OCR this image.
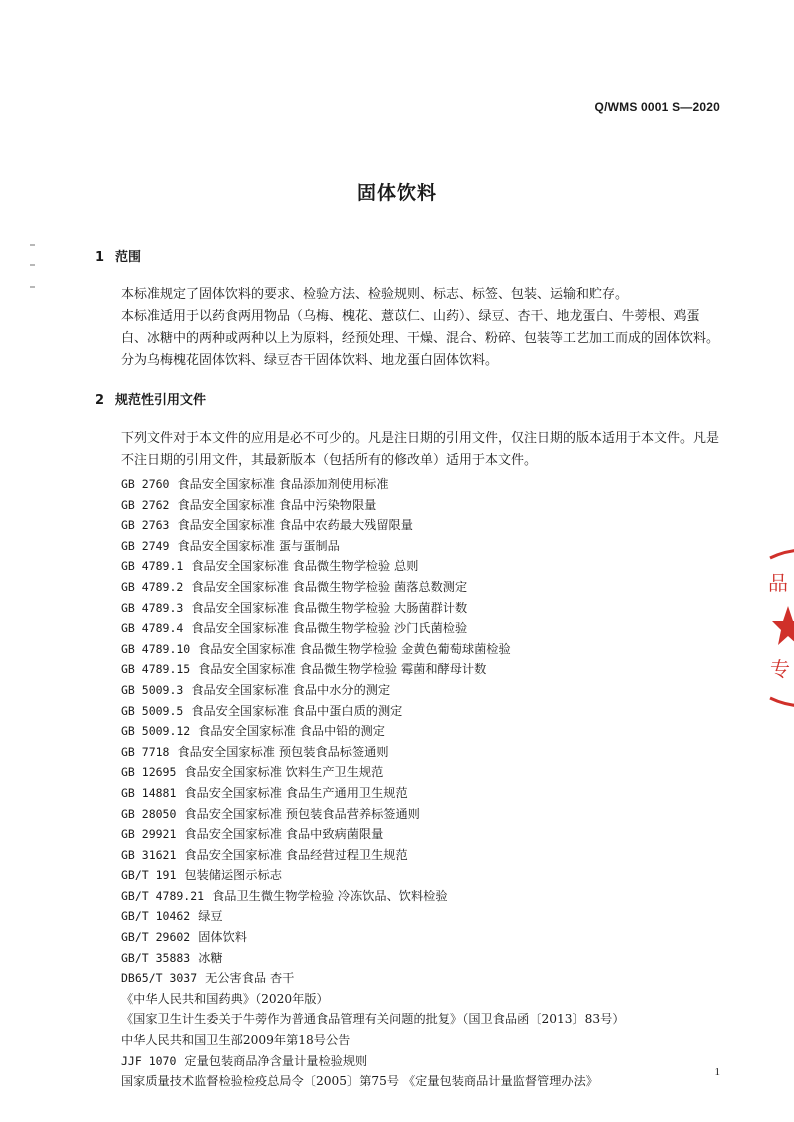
Q/WMS 0001 S—2020
固体饮料
1 范围
本标准规定了固体饮料的要求、检验方法、检验规则、标志、标签、包装、运输和贮存。
本标准适用于以药食两用物品（乌梅、槐花、薏苡仁、山药）、绿豆、杏干、地龙蛋白、牛蒡根、鸡蛋白、冰糖中的两种或两种以上为原料，经预处理、干燥、混合、粉碎、包装等工艺加工而成的固体饮料。分为乌梅槐花固体饮料、绿豆杏干固体饮料、地龙蛋白固体饮料。
2 规范性引用文件
下列文件对于本文件的应用是必不可少的。凡是注日期的引用文件，仅注日期的版本适用于本文件。凡是不注日期的引用文件，其最新版本（包括所有的修改单）适用于本文件。
GB 2760 食品安全国家标准 食品添加剂使用标准
GB 2762 食品安全国家标准 食品中污染物限量
GB 2763 食品安全国家标准 食品中农药最大残留限量
GB 2749 食品安全国家标准 蛋与蛋制品
GB 4789.1 食品安全国家标准 食品微生物学检验 总则
GB 4789.2 食品安全国家标准 食品微生物学检验 菌落总数测定
GB 4789.3 食品安全国家标准 食品微生物学检验 大肠菌群计数
GB 4789.4 食品安全国家标准 食品微生物学检验 沙门氏菌检验
GB 4789.10 食品安全国家标准 食品微生物学检验 金黄色葡萄球菌检验
GB 4789.15 食品安全国家标准 食品微生物学检验 霉菌和酵母计数
GB 5009.3 食品安全国家标准 食品中水分的测定
GB 5009.5 食品安全国家标准 食品中蛋白质的测定
GB 5009.12 食品安全国家标准 食品中铅的测定
GB 7718 食品安全国家标准 预包装食品标签通则
GB 12695 食品安全国家标准 饮料生产卫生规范
GB 14881 食品安全国家标准 食品生产通用卫生规范
GB 28050 食品安全国家标准 预包装食品营养标签通则
GB 29921 食品安全国家标准 食品中致病菌限量
GB 31621 食品安全国家标准 食品经营过程卫生规范
GB/T 191 包装储运图示标志
GB/T 4789.21 食品卫生微生物学检验 冷冻饮品、饮料检验
GB/T 10462 绿豆
GB/T 29602 固体饮料
GB/T 35883 冰糖
DB65/T 3037 无公害食品 杏干
《中华人民共和国药典》（2020年版）
《国家卫生计生委关于牛蒡作为普通食品管理有关问题的批复》（国卫食品函〔2013〕83号）
中华人民共和国卫生部2009年第18号公告
JJF 1070 定量包装商品净含量计量检验规则
国家质量技术监督检验检疫总局令〔2005〕第75号 《定量包装商品计量监督管理办法》
品
专
1
